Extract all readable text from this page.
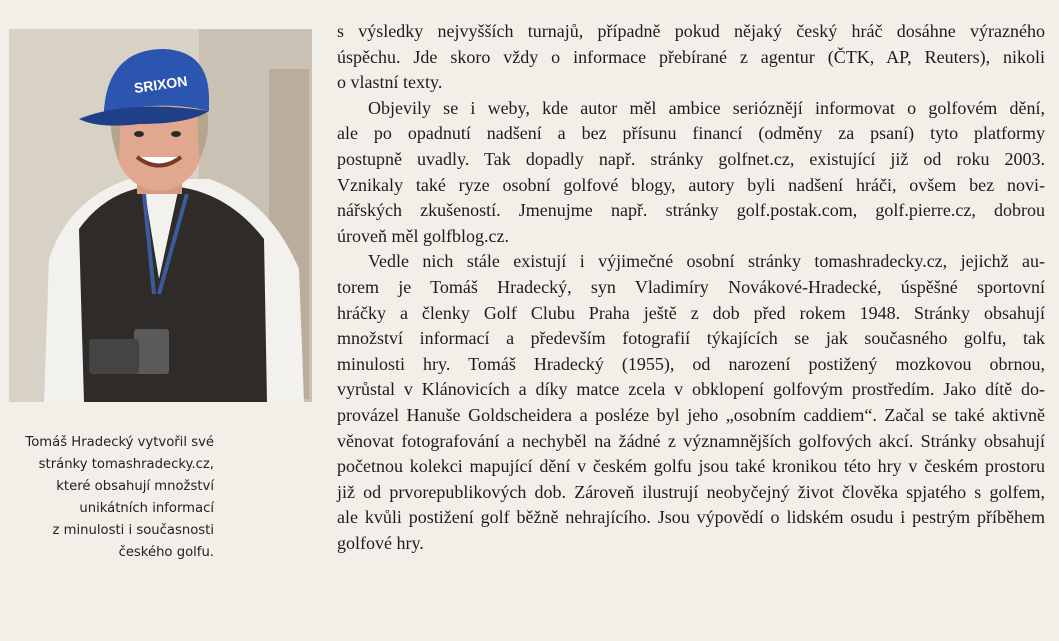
SRIXON
Tomáš Hradecký vytvořil své
stránky tomashradecky.cz,
které obsahují množství
unikátních informací
z minulosti i současnosti
českého golfu.
s výsledky nejvyšších turnajů, případně pokud nějaký český hráč dosáhne výrazného
úspěchu. Jde skoro vždy o informace přebírané z agentur (ČTK, AP, Reuters), nikoli
o vlastní texty.
Objevily se i weby, kde autor měl ambice serióznějí informovat o golfovém dění,
ale po opadnutí nadšení a bez přísunu financí (odměny za psaní) tyto platformy
postupně uvadly. Tak dopadly např. stránky golfnet.cz, existující již od roku 2003.
Vznikaly také ryze osobní golfové blogy, autory byli nadšení hráči, ovšem bez novi-
nářských zkušeností. Jmenujme např. stránky golf.postak.com, golf.pierre.cz, dobrou
úroveň měl golfblog.cz.
Vedle nich stále existují i výjimečné osobní stránky tomashradecky.cz, jejichž au-
torem je Tomáš Hradecký, syn Vladimíry Novákové-Hradecké, úspěšné sportovní
hráčky a členky Golf Clubu Praha ještě z dob před rokem 1948. Stránky obsahují
množství informací a především fotografií týkajících se jak současného golfu, tak
minulosti hry. Tomáš Hradecký (1955), od narození postižený mozkovou obrnou,
vyrůstal v Klánovicích a díky matce zcela v obklopení golfovým prostředím. Jako dítě do-
provázel Hanuše Goldscheidera a posléze byl jeho „osobním caddiem“. Začal se také aktivně
věnovat fotografování a nechyběl na žádné z významnějších golfových akcí. Stránky obsahují
početnou kolekci mapující dění v českém golfu jsou také kronikou této hry v českém prostoru
již od prvorepublikových dob. Zároveň ilustrují neobyčejný život člověka spjatého s golfem,
ale kvůli postižení golf běžně nehrajícího. Jsou výpovědí o lidském osudu i pestrým příběhem
golfové hry.
